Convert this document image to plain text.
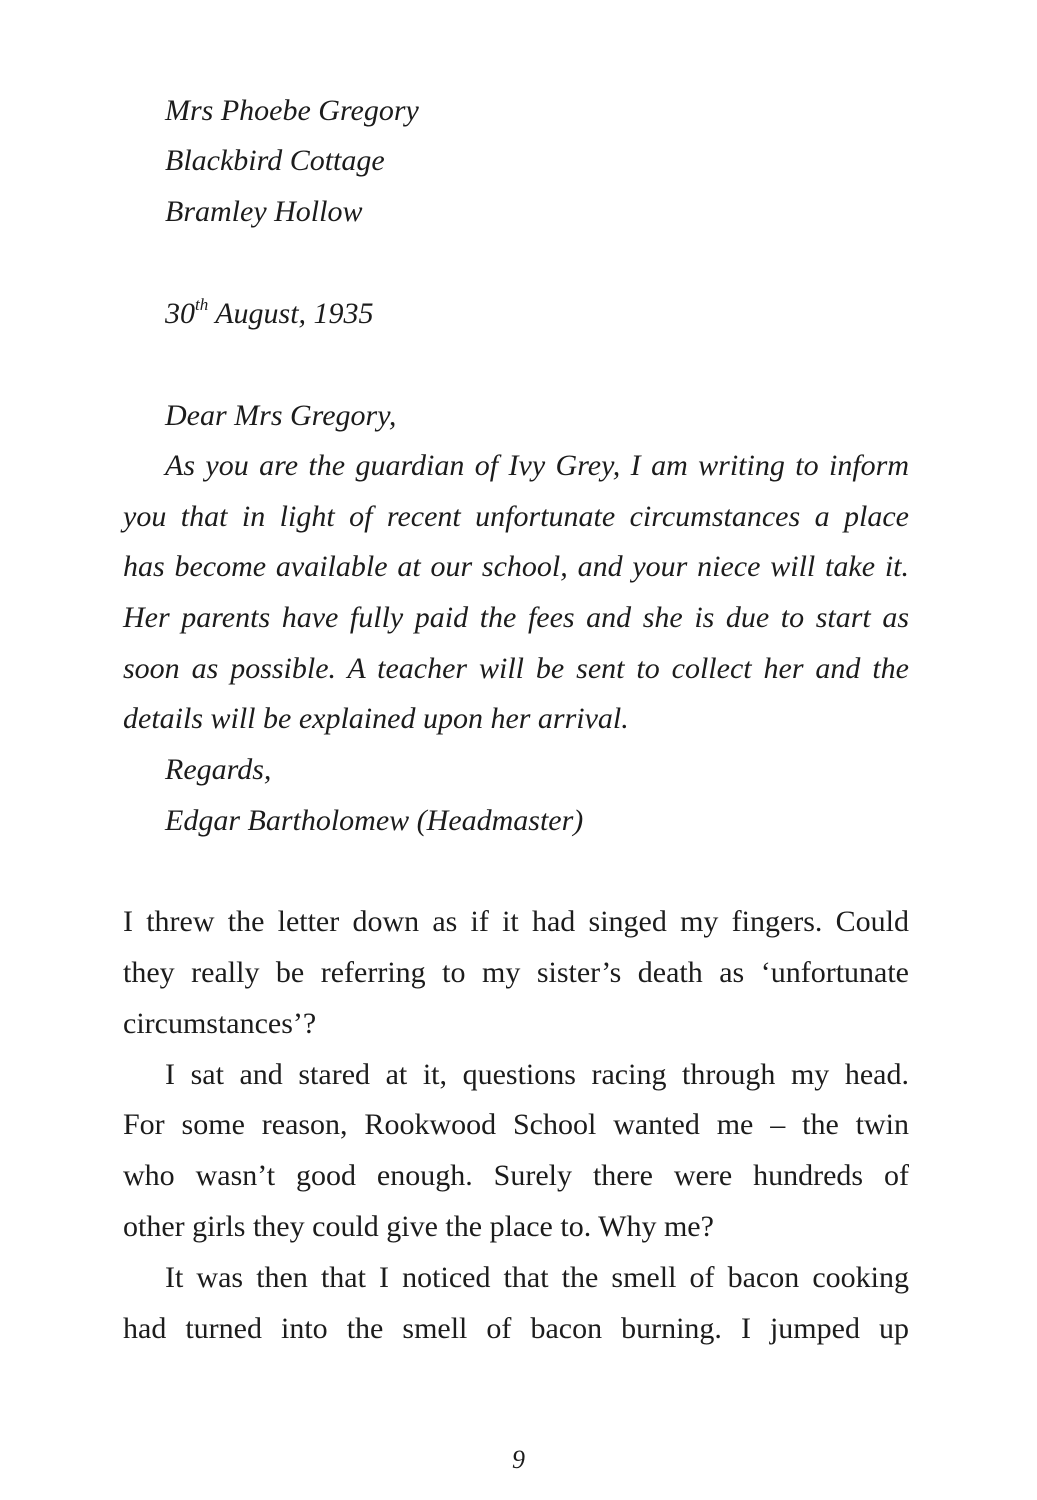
Mrs Phoebe Gregory
Blackbird Cottage
Bramley Hollow
30th August, 1935
Dear Mrs Gregory,
As you are the guardian of Ivy Grey, I am writing to inform
you that in light of recent unfortunate circumstances a place
has become available at our school, and your niece will take it.
Her parents have fully paid the fees and she is due to start as
soon as possible. A teacher will be sent to collect her and the
details will be explained upon her arrival.
Regards,
Edgar Bartholomew (Headmaster)
I threw the letter down as if it had singed my fingers. Could
they really be referring to my sister’s death as ‘unfortunate
circumstances’?
I sat and stared at it, questions racing through my head.
For some reason, Rookwood School wanted me – the twin
who wasn’t good enough. Surely there were hundreds of
other girls they could give the place to. Why me?
It was then that I noticed that the smell of bacon cooking
had turned into the smell of bacon burning. I jumped up
9
